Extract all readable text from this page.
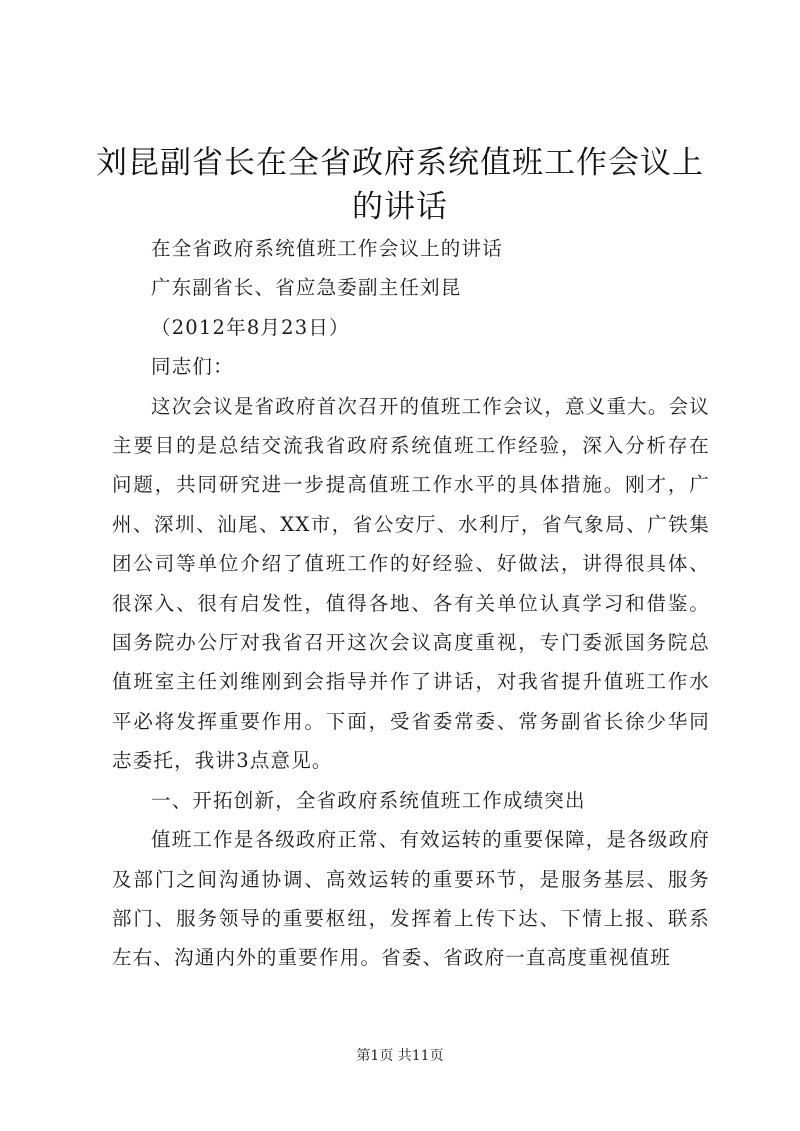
刘昆副省长在全省政府系统值班工作会议上的讲话

在全省政府系统值班工作会议上的讲话

广东副省长、省应急委副主任刘昆

（2012年8月23日）

同志们：

这次会议是省政府首次召开的值班工作会议，意义重大。会议主要目的是总结交流我省政府系统值班工作经验，深入分析存在问题，共同研究进一步提高值班工作水平的具体措施。刚才，广州、深圳、汕尾、XX市，省公安厅、水利厅，省气象局、广铁集团公司等单位介绍了值班工作的好经验、好做法，讲得很具体、很深入、很有启发性，值得各地、各有关单位认真学习和借鉴。国务院办公厅对我省召开这次会议高度重视，专门委派国务院总值班室主任刘维刚到会指导并作了讲话，对我省提升值班工作水平必将发挥重要作用。下面，受省委常委、常务副省长徐少华同志委托，我讲3点意见。

一、开拓创新，全省政府系统值班工作成绩突出

值班工作是各级政府正常、有效运转的重要保障，是各级政府及部门之间沟通协调、高效运转的重要环节，是服务基层、服务部门、服务领导的重要枢纽，发挥着上传下达、下情上报、联系左右、沟通内外的重要作用。省委、省政府一直高度重视值班

第1页 共11页
